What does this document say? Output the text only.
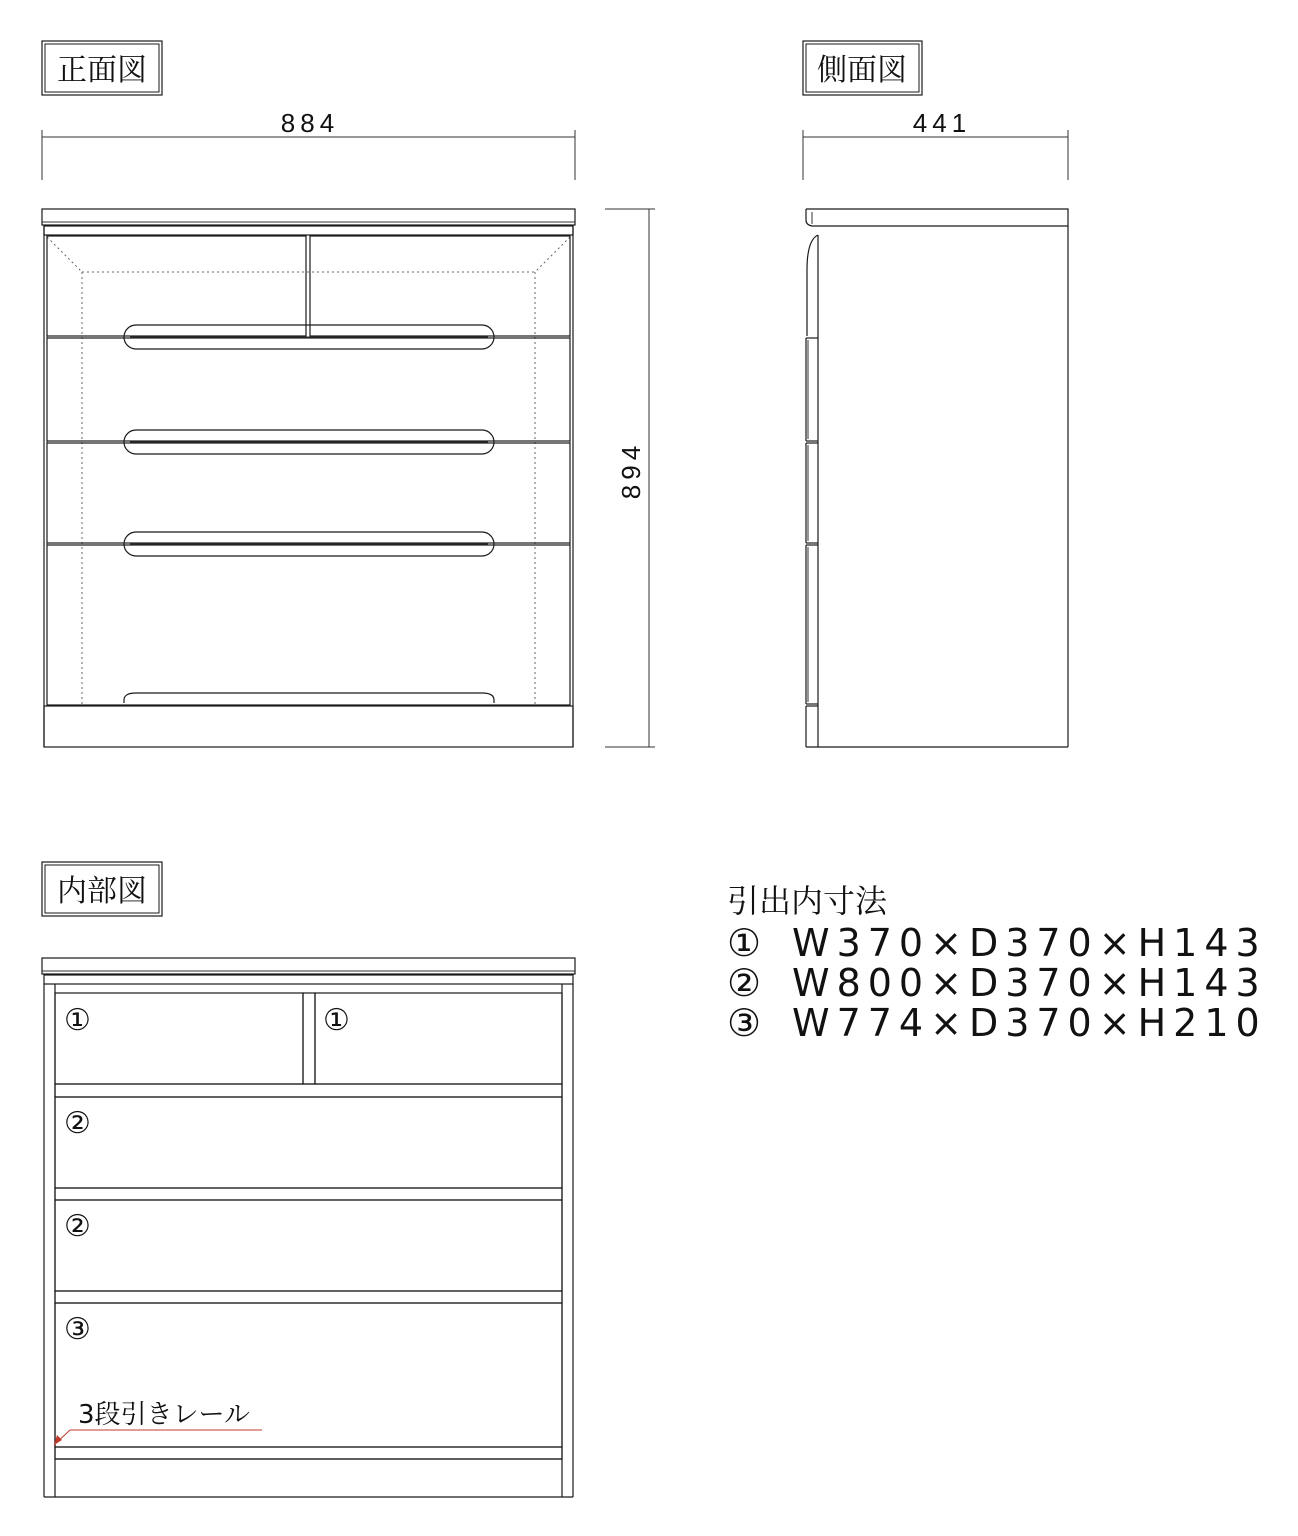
正面図
884
894
側面図
441
内部図
①	①
②
②
③
3段引きレール
引出内寸法
① W370×D370×H143
② W800×D370×H143
③ W774×D370×H210
